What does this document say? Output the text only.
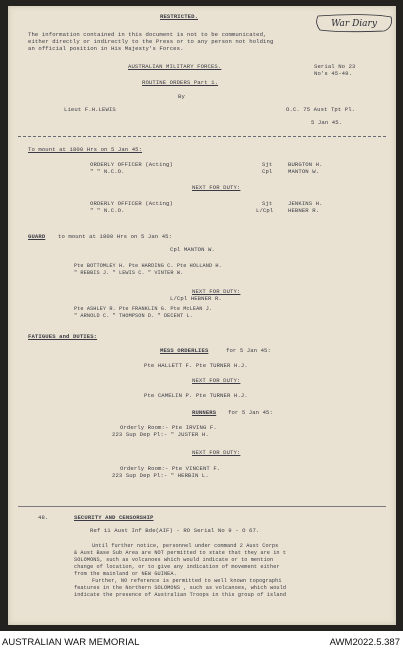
War Diary
RESTRICTED.
The information contained in this document is not to be communicated,
either directly or indirectly to the Press or to any person not holding
an official position in His Majesty's Forces.
AUSTRALIAN MILITARY FORCES.	Serial No 23
No's 45-49.
ROUTINE ORDERS Part 1.
By
Lieut F.H.LEWIS	O.C. 75 Aust Tpt Pl.
5 Jan 45.
To mount at 1800 Hrs on 5 Jan 45:
ORDERLY OFFICER (Acting)	Sjt	BURGTON H.
" " N.C.O.	Cpl	MANTON W.
NEXT FOR DUTY:
ORDERLY OFFICER (Acting)	Sjt	JENKINS H.
" " N.C.O.	L/Cpl	HEBNER R.
GUARD to mount at 1800 Hrs on 5 Jan 45:
Cpl MANTON W.
Pte BOTTOMLEY H. Pte HARDING C. Pte HOLLAND H.
" REBBIS J. " LEWIS C. " VINTER W.
NEXT FOR DUTY:
L/Cpl HEBNER R.
Pte ASHLEY R. Pte FRANKLIN G. Pte McLEAN J.
" ARNOLD C. " THOMPSON D. " DECENT L.
FATIGUES and DUTIES:
MESS ORDERLIES	for 5 Jan 45:
Pte HALLETT F. Pte TURNER H.J.
NEXT FOR DUTY:
Pte CAMELIN P. Pte TURNER H.J.
RUNNERS for 5 Jan 45:
Orderly Room:- Pte IRVING F.
223 Sup Dep Pl:- " JUSTER H.
NEXT FOR DUTY:
Orderly Room:- Pte VINCENT F.
223 Sup Dep Pl:- " HERBIN L.
48.	SECURITY AND CENSORSHIP
Ref 11 Aust Inf Bde(AIF) - RO Serial No 9 - O 67.
Until further notice, personnel under command 2 Aust Corps
& Aust Base Sub Area are NOT permitted to state that they are in t
SOLOMONS, such as volcanoes which would indicate or to mention
change of location, or to give any indication of movement either
from the mainland or NEW GUINEA.
Further, NO reference is permitted to well known topographi
features in the Northern SOLOMONS , such as volcanoes, which would
indicate the presence of Australian Troops in this group of island
AUSTRALIAN WAR MEMORIAL	AWM2022.5.387
